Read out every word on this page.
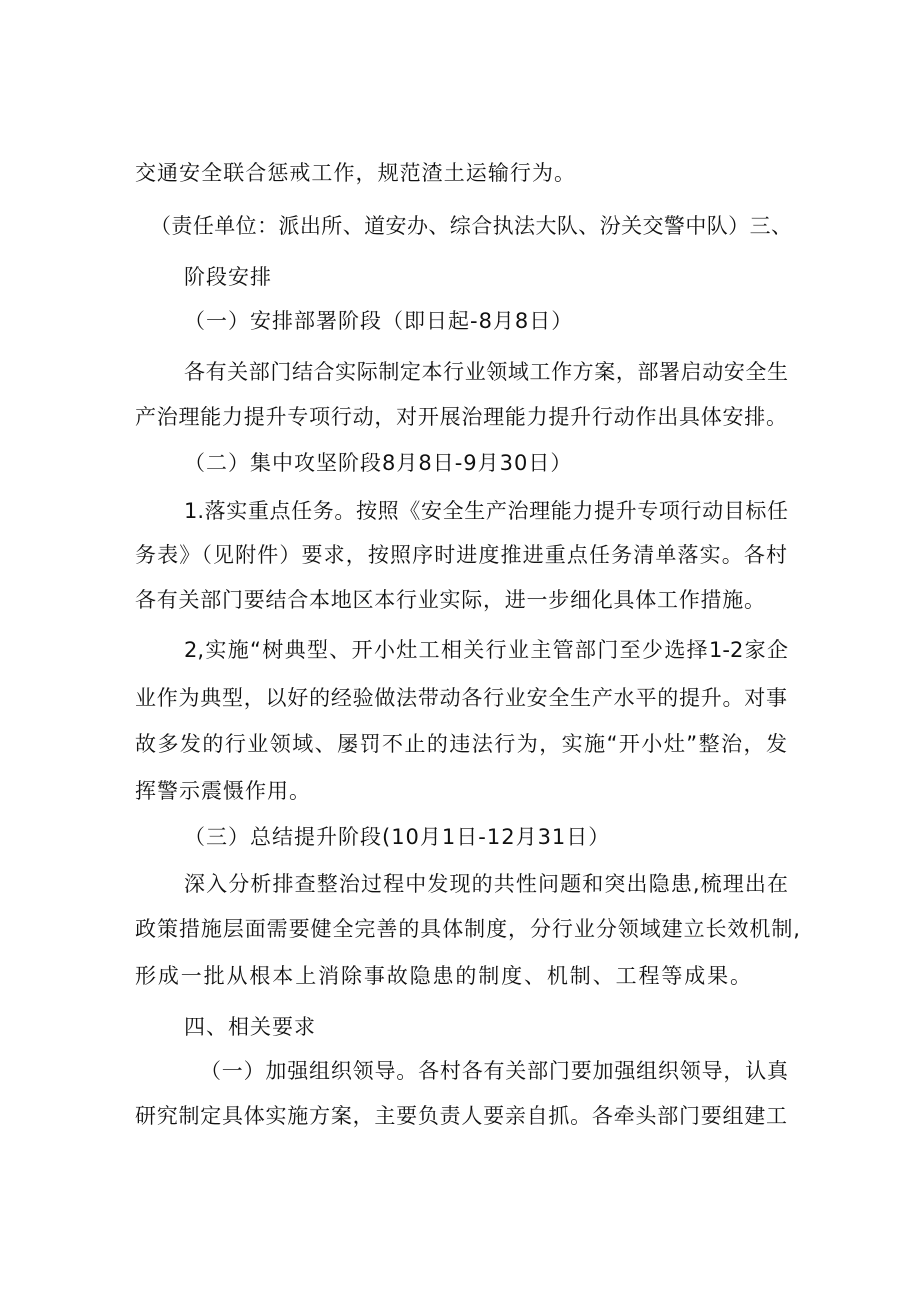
交通安全联合惩戒工作，规范渣土运输行为。
（责任单位：派出所、道安办、综合执法大队、汾关交警中队）三、
阶段安排
（一）安排部署阶段（即日起-8月8日）
各有关部门结合实际制定本行业领域工作方案，部署启动安全生
产治理能力提升专项行动，对开展治理能力提升行动作出具体安排。
（二）集中攻坚阶段8月8日-9月30日）
1.落实重点任务。按照《安全生产治理能力提升专项行动目标任
务表》（见附件）要求，按照序时进度推进重点任务清单落实。各村
各有关部门要结合本地区本行业实际，进一步细化具体工作措施。
2,实施“树典型、开小灶工相关行业主管部门至少选择1-2家企
业作为典型，以好的经验做法带动各行业安全生产水平的提升。对事
故多发的行业领域、屡罚不止的违法行为，实施“开小灶”整治，发
挥警示震慑作用。
（三）总结提升阶段(10月1日-12月31日）
深入分析排查整治过程中发现的共性问题和突出隐患,梳理出在
政策措施层面需要健全完善的具体制度，分行业分领域建立长效机制,
形成一批从根本上消除事故隐患的制度、机制、工程等成果。
四、相关要求
（一）加强组织领导。各村各有关部门要加强组织领导，认真
研究制定具体实施方案，主要负责人要亲自抓。各牵头部门要组建工
